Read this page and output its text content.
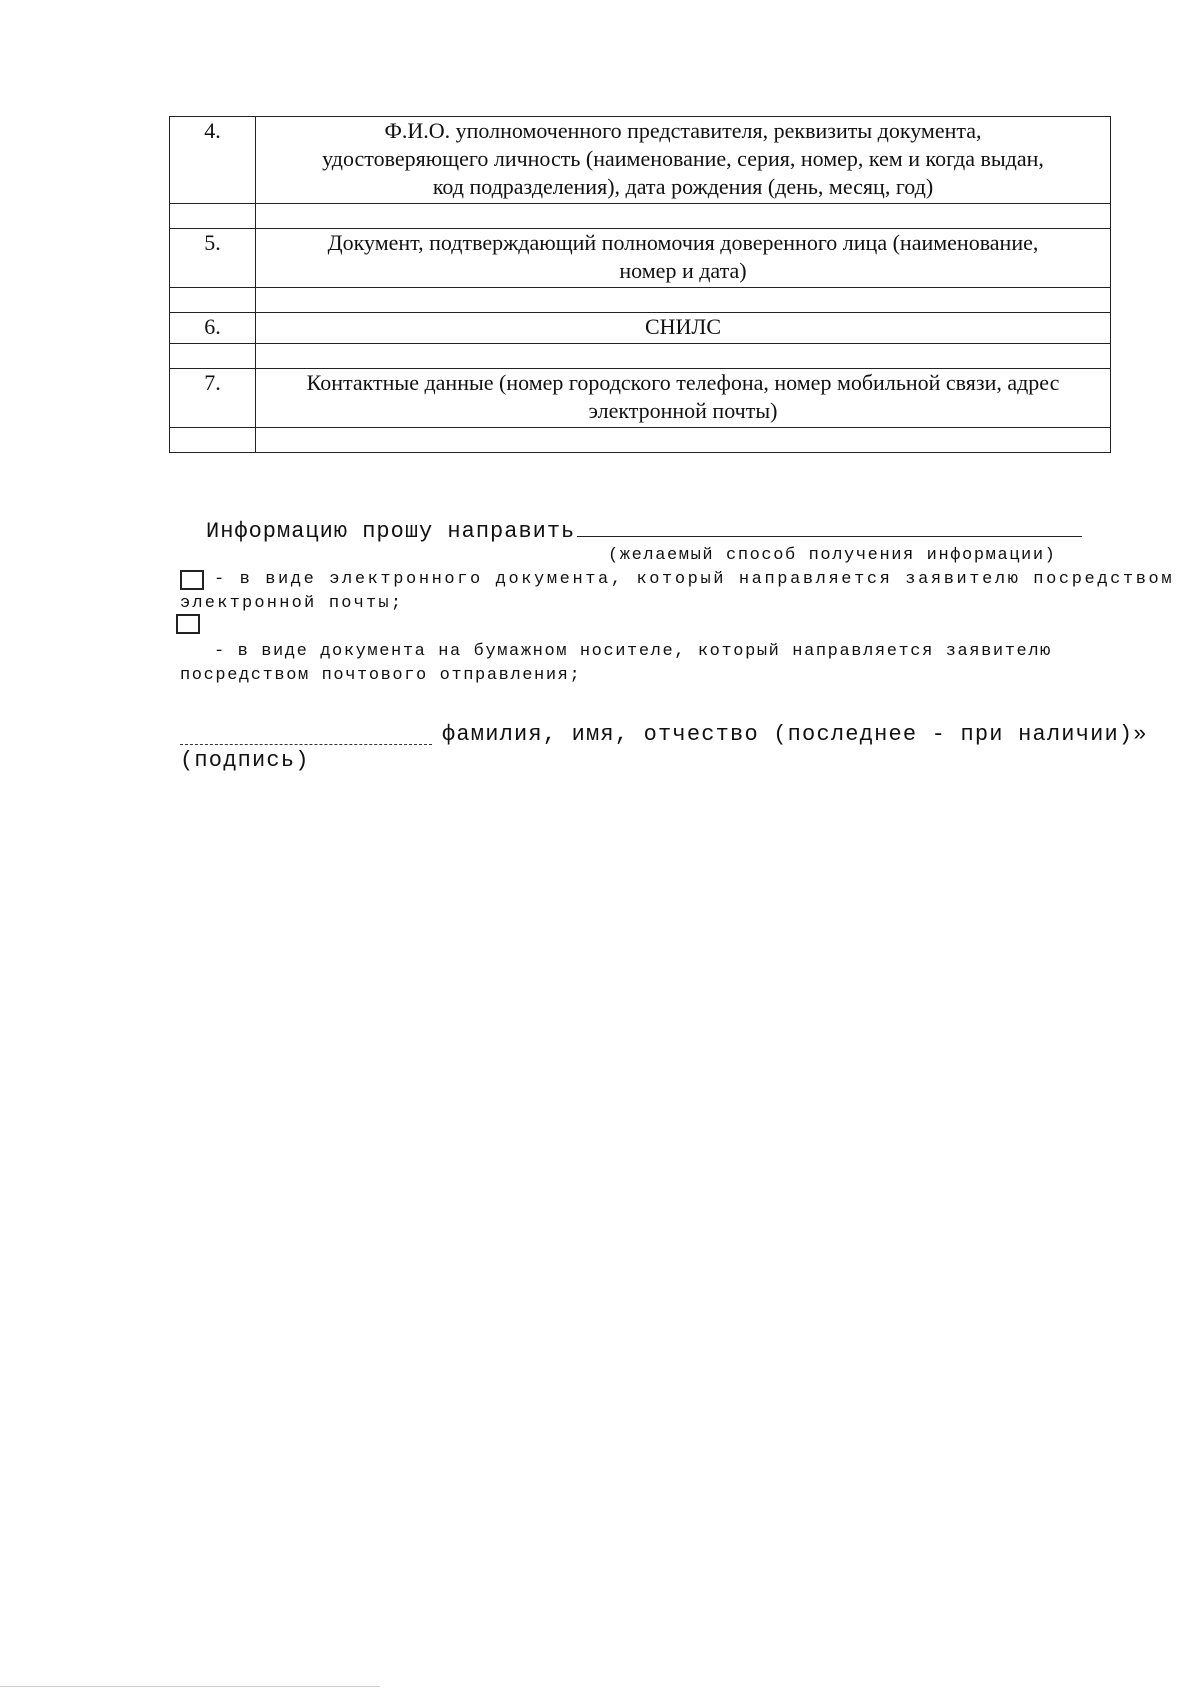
4.	Ф.И.О. уполномоченного представителя, реквизиты документа,
удостоверяющего личность (наименование, серия, номер, кем и когда выдан,
код подразделения), дата рождения (день, месяц, год)

5.	Документ, подтверждающий полномочия доверенного лица (наименование,
номер и дата)

6.	СНИЛС

7.	Контактные данные (номер городского телефона, номер мобильной связи, адрес
электронной почты)

Информацию прошу направить
(желаемый способ получения информации)
- в виде электронного документа, который направляется заявителю посредством
электронной почты;
- в виде документа на бумажном носителе, который направляется заявителю
посредством почтового отправления;
фамилия, имя, отчество (последнее - при наличии)»
(подпись)
